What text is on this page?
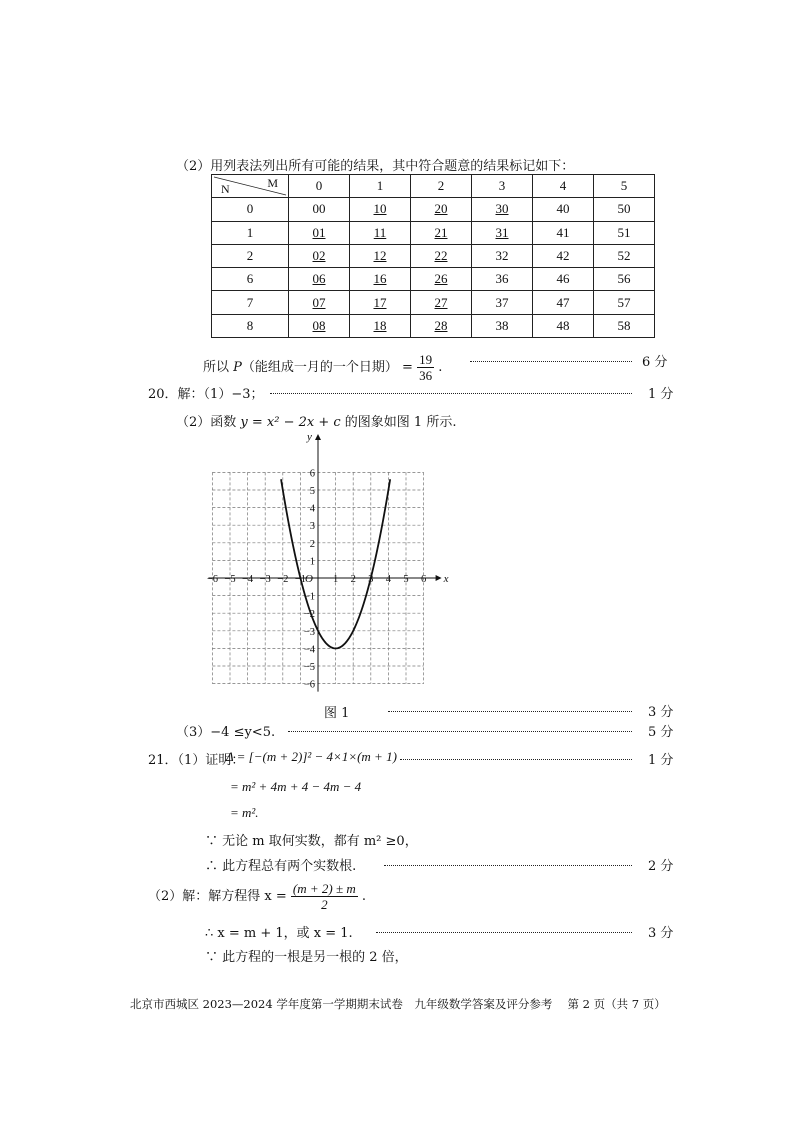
（2）用列表法列出所有可能的结果，其中符合题意的结果标记如下：
M
N	0	1	2	3	4	5
0	00	10	20	30	40	50
1	01	11	21	31	41	51
2	02	12	22	32	42	52
6	06	16	26	36	46	56
7	07	17	27	37	47	57
8	08	18	28	38	48	58
所以 P（能组成一月的一个日期） = $\frac{19}{36}$ .	6 分
20．解：（1）−3；	1 分
（2）函数 y = x² − 2x + c 的图象如图 1 所示.
−6 −5 −4 −3 −2 −1	1 2 3 4 5 6
6
5
4
3
2
1
−1
−2
−3
−4
−5
−6
O	x
y
图 1	3 分
（3）−4 ≤y<5.	5 分
21．（1）证明：
Δ = [−(m + 2)]² − 4×1×(m + 1)	1 分
= m² + 4m + 4 − 4m − 4
= m².
∵ 无论 m 取何实数，都有 m² ≥0，
∴ 此方程总有两个实数根.	2 分
（2）解：解方程得 $x = \frac{(m + 2) \pm m}{2}$ .
∴ x = m + 1，或 x = 1.	3 分
∵ 此方程的一根是另一根的 2 倍，
北京市西城区 2023—2024 学年度第一学期期末试卷　九年级数学答案及评分参考　 第 2 页（共 7 页）
